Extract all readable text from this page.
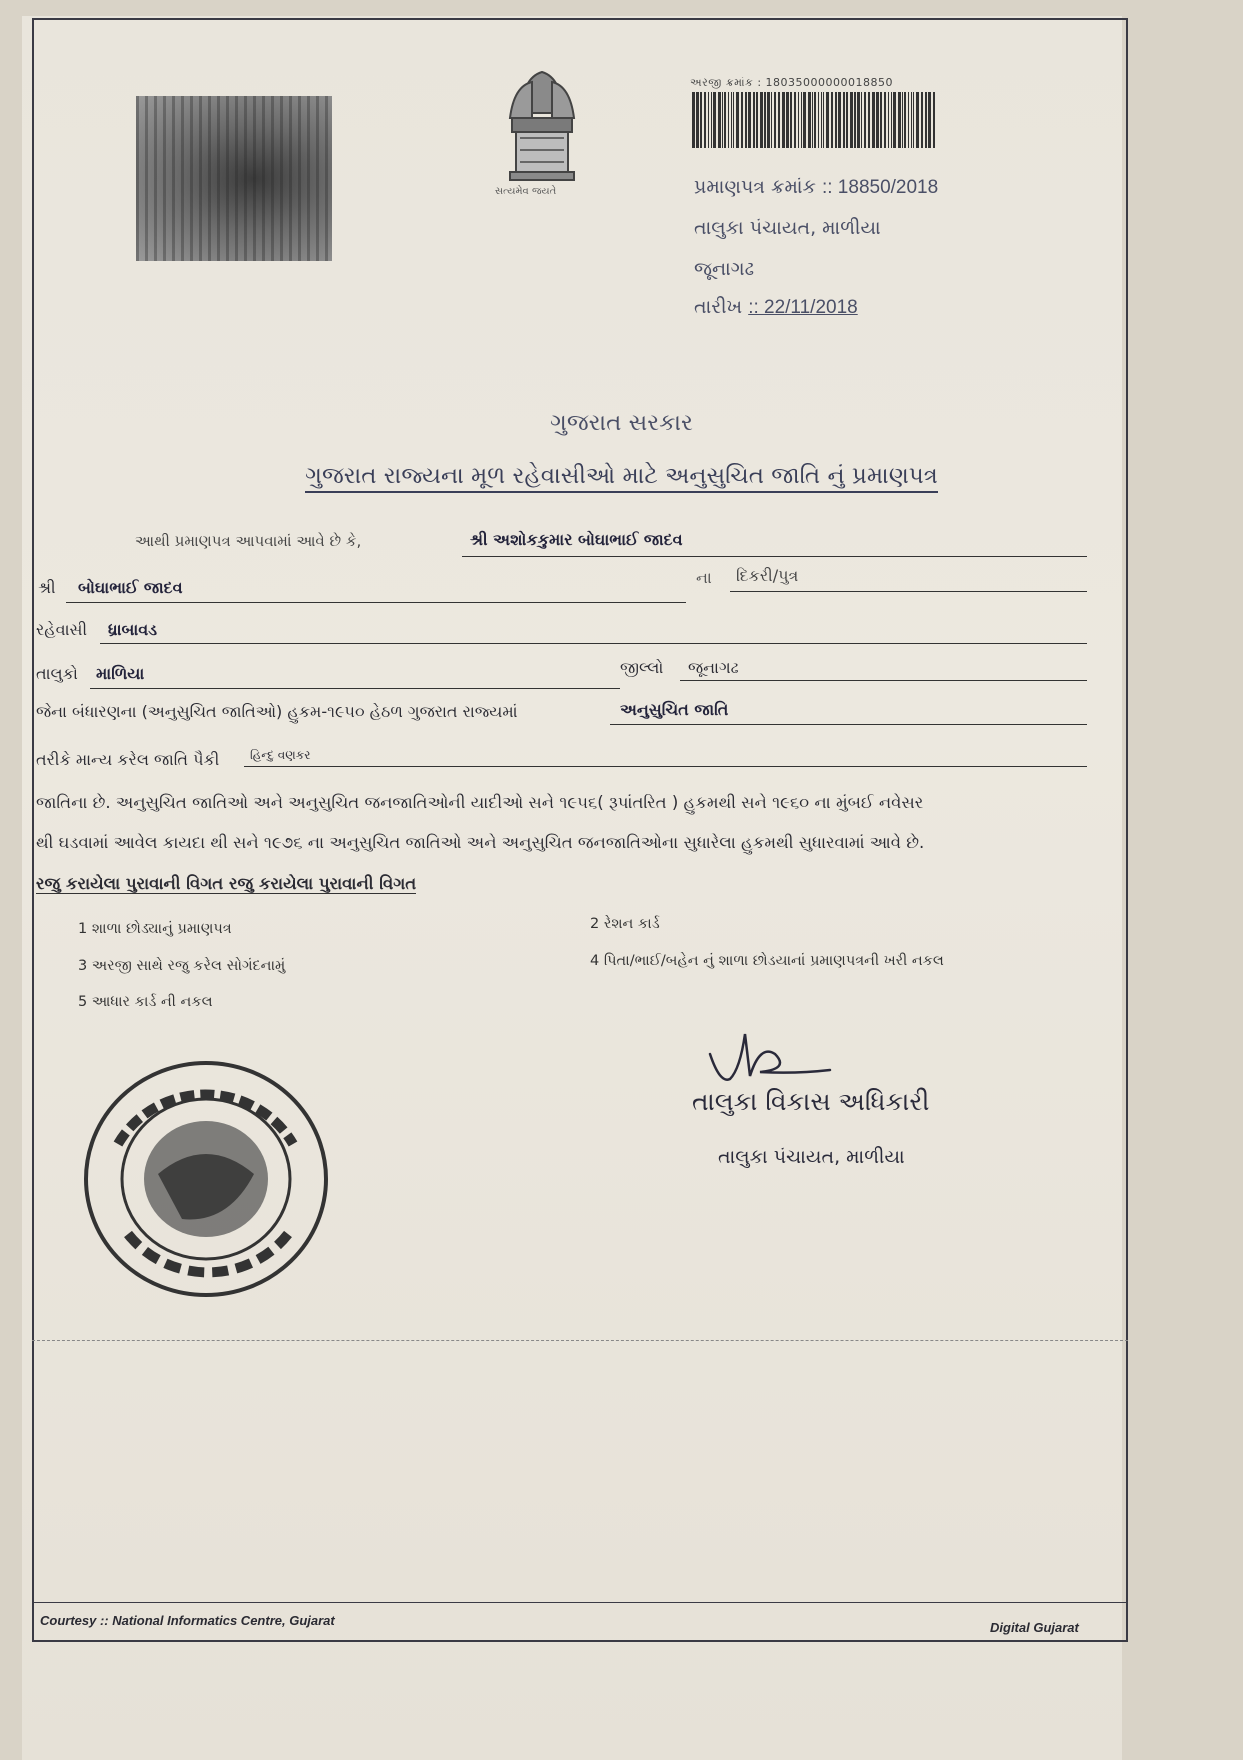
સત્યમેવ જયતે
અરજી ક્રમાંક : 18035000000018850
પ્રમાણપત્ર ક્રમાંક :: 18850/2018
તાલુકા પંચાયત, માળીયા
જૂનાગઢ
તારીખ :: 22/11/2018
ગુજરાત સરકાર
ગુજરાત રાજ્યના મૂળ રહેવાસીઓ માટે અનુસુચિત જાતિ નું પ્રમાણપત્ર
આથી પ્રમાણપત્ર આપવામાં આવે છે કે,	શ્રી અશોકકુમાર બોઘાભાઈ જાદવ
શ્રી બોઘાભાઈ જાદવ
ના દિકરી/પુત્ર
રહેવાસી ધ્રાબાવડ
તાલુકો માળિયા	જીલ્લો જૂનાગઢ
જેના બંધારણના (અનુસુચિત જાતિઓ) હુકમ-૧૯૫૦ હેઠળ ગુજરાત રાજ્યમાં	અનુસુચિત જાતિ
તરીકે માન્ય કરેલ જાતિ પૈકી	હિન્દુ વણકર
જાતિના છે. અનુસુચિત જાતિઓ અને અનુસુચિત જનજાતિઓની યાદીઓ સને ૧૯૫૬( રૂપાંતરિત ) હુકમથી સને ૧૯૬૦ ના મુંબઈ નવેસર
થી ઘડવામાં આવેલ કાયદા થી સને ૧૯૭૬ ના અનુસુચિત જાતિઓ અને અનુસુચિત જનજાતિઓના સુધારેલા હુકમથી સુધારવામાં આવે છે.
રજુ કરાયેલા પુરાવાની વિગત રજુ કરાયેલા પુરાવાની વિગત
1 શાળા છોડ્યાનું પ્રમાણપત્ર	2 રેશન કાર્ડ
3 અરજી સાથે રજુ કરેલ સોગંદનામું	4 પિતા/ભાઈ/બહેન નું શાળા છોડયાનાં પ્રમાણપત્રની ખરી નકલ
5 આધાર કાર્ડ ની નકલ
તાલુકા વિકાસ અધિકારી
તાલુકા પંચાયત, માળીયા
Courtesy :: National Informatics Centre, Gujarat	Digital Gujarat
